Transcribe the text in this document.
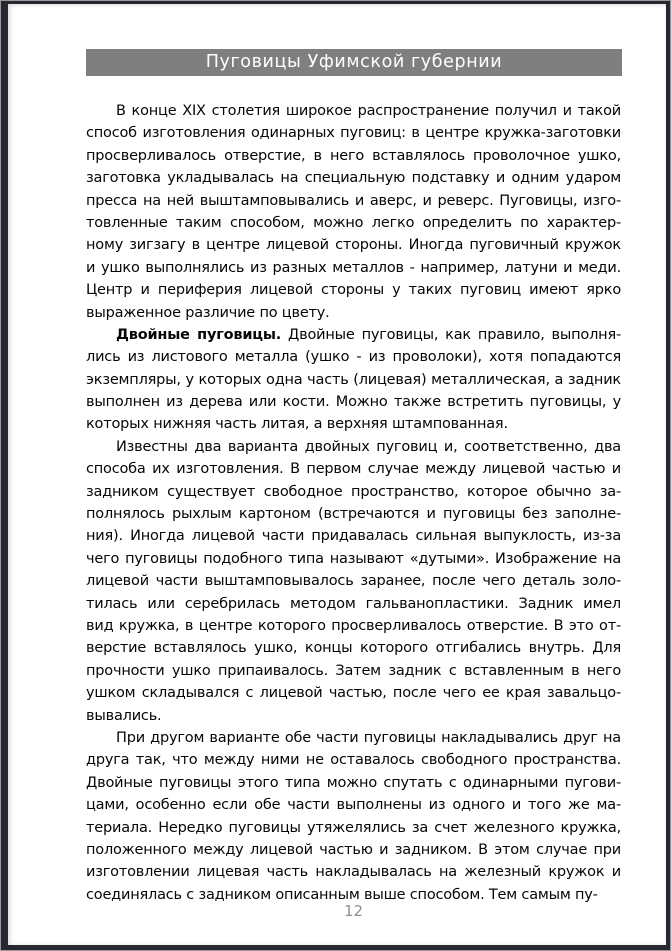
Пуговицы Уфимской губернии
В конце XIX столетия широкое распространение получил и такой
способ изготовления одинарных пуговиц: в центре кружка-заготовки
просверливалось отверстие, в него вставлялось проволочное ушко,
заготовка укладывалась на специальную подставку и одним ударом
пресса на ней выштамповывались и аверс, и реверс. Пуговицы, изго-
товленные таким способом, можно легко определить по характер-
ному зигзагу в центре лицевой стороны. Иногда пуговичный кружок
и ушко выполнялись из разных металлов - например, латуни и меди.
Центр и периферия лицевой стороны у таких пуговиц имеют ярко
выраженное различие по цвету.
Двойные пуговицы. Двойные пуговицы, как правило, выполня-
лись из листового металла (ушко - из проволоки), хотя попадаются
экземпляры, у которых одна часть (лицевая) металлическая, а задник
выполнен из дерева или кости. Можно также встретить пуговицы, у
которых нижняя часть литая, а верхняя штампованная.
Известны два варианта двойных пуговиц и, соответственно, два
способа их изготовления. В первом случае между лицевой частью и
задником существует свободное пространство, которое обычно за-
полнялось рыхлым картоном (встречаются и пуговицы без заполне-
ния). Иногда лицевой части придавалась сильная выпуклость, из-за
чего пуговицы подобного типа называют «дутыми». Изображение на
лицевой части выштамповывалось заранее, после чего деталь золо-
тилась или серебрилась методом гальванопластики. Задник имел
вид кружка, в центре которого просверливалось отверстие. В это от-
верстие вставлялось ушко, концы которого отгибались внутрь. Для
прочности ушко припаивалось. Затем задник с вставленным в него
ушком складывался с лицевой частью, после чего ее края завальцо-
вывались.
При другом варианте обе части пуговицы накладывались друг на
друга так, что между ними не оставалось свободного пространства.
Двойные пуговицы этого типа можно спутать с одинарными пугови-
цами, особенно если обе части выполнены из одного и того же ма-
териала. Нередко пуговицы утяжелялись за счет железного кружка,
положенного между лицевой частью и задником. В этом случае при
изготовлении лицевая часть накладывалась на железный кружок и
соединялась с задником описанным выше способом. Тем самым пу-
12
